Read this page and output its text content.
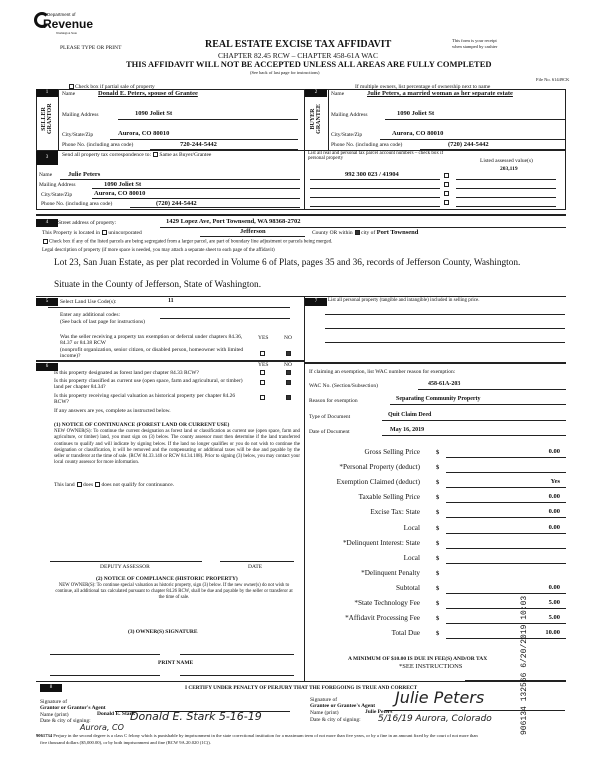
Department of
Revenue
Washington State
PLEASE TYPE OR PRINT	REAL ESTATE EXCISE TAX AFFIDAVIT
CHAPTER 82.45 RCW – CHAPTER 458-61A WAC
THIS AFFIDAVIT WILL NOT BE ACCEPTED UNLESS ALL AREAS ARE FULLY COMPLETED
(See back of last page for instructions)
This form is your receipt
when stamped by cashier
File No. 61449CK
Check box if partial sale of property	If multiple owners, list percentage of ownership next to name
1	2
SELLER GRANTOR	BUYER GRANTEE
Name	Donald E. Peters, spouse of Grantee
Mailing Address	1090 Joliet St
City/State/Zip	Aurora, CO 80010
Phone No. (including area code)	720-244-5442
Name	Julie Peters, a married woman as her separate estate
Mailing Address	1090 Joliet St
City/State/Zip	Aurora, CO 80010
Phone No. (including area code)	(720) 244-5442
3	Send all property tax correspondence to: Same as Buyer/Grantee
Name Julie Peters
Mailing Address	1090 Joliet St
City/State/Zip	Aurora, CO 80010
Phone No. (including area code)	(720) 244-5442
List all real and personal tax parcel account numbers – check box if personal property	Listed assessed value(s)
203,119
992 300 023 / 41904
4	Street address of property:	1429 Lopez Ave, Port Townsend, WA 98368-2702
This Property is located in unincorporated	Jefferson	County OR within city of Port Townsend
Check box if any of the listed parcels are being segregated from a larger parcel, are part of boundary line adjustment or parcels being merged.
Legal description of property (if more space is needed, you may attach a separate sheet to each page of the affidavit)
Lot 23, San Juan Estate, as per plat recorded in Volume 6 of Plats, pages 35 and 36, records of Jefferson County, Washington.
Situate in the County of Jefferson, State of Washington.
5	Select Land Use Code(s):	11
Enter any additional codes:
(See back of last page for instructions)
Was the seller receiving a property tax exemption or deferral under chapters 84.36, 84.37 or 84.38 RCW
(nonprofit organization, senior citizen, or disabled person, homeowner with limited income)?
YES	NO
6	YES	NO
Is this property designated as forest land per chapter 84.33 RCW?
Is this property classified as current use (open space, farm and agricultural, or timber) land per chapter 84.34?
Is this property receiving special valuation as historical property per chapter 84.26 RCW?
If any answers are yes, complete as instructed below.
(1) NOTICE OF CONTINUANCE (FOREST LAND OR CURRENT USE)
NEW OWNER(S): To continue the current designation as forest land or classification as current use (open space, farm and agriculture, or timber) land, you must sign on (3) below. The county assessor must then determine if the land transferred continues to qualify and will indicate by signing below. If the land no longer qualifies or you do not wish to continue the designation or classification, it will be removed and the compensating or additional taxes will be due and payable by the seller or transferor at the time of sale. (RCW 84.33.140 or RCW 84.34.108). Prior to signing (3) below, you may contact your local county assessor for more information.
This land does does not qualify for continuance.
DEPUTY ASSESSOR	DATE
(2) NOTICE OF COMPLIANCE (HISTORIC PROPERTY)
NEW OWNER(S): To continue special valuation as historic property, sign (3) below. If the new owner(s) do not wish to continue, all additional tax calculated pursuant to chapter 84.26 RCW, shall be due and payable by the seller or transferor at the time of sale.
(3) OWNER(S) SIGNATURE
PRINT NAME
7	List all personal property (tangible and intangible) included in selling price.
If claiming an exemption, list WAC number reason for exemption:
WAC No. (Section/Subsection)	458-61A-203
Reason for exemption	Separating Community Property
Type of Document	Quit Claim Deed
Date of Document	May 16, 2019
Gross Selling Price $	0.00
*Personal Property (deduct) $
Exemption Claimed (deduct) $	Yes
Taxable Selling Price $	0.00
Excise Tax: State $	0.00
Local $	0.00
*Delinquent Interest: State $
Local $
*Delinquent Penalty $
Subtotal $	0.00
*State Technology Fee $	5.00
*Affidavit Processing Fee $	5.00
Total Due $	10.00
A MINIMUM OF $10.00 IS DUE IN FEE(S) AND/OR TAX
*SEE INSTRUCTIONS
8	I CERTIFY UNDER PENALTY OF PERJURY THAT THE FOREGOING IS TRUE AND CORRECT
Signature of
Grantor or Grantor's Agent
Name (print)	Donald E. Stark
Date & city of signing:	Donald E. Stark 5-16-19
Aurora, CO
Signature of
Grantee or Grantee's Agent
Name (print)	Julie Peters
Date & city of signing:
Julie Peters
5/16/19 Aurora, Colorado
9061734 Perjury in the second degree is a class C felony which is punishable by imprisonment in the state correctional institution for a maximum term of not more than five years, or by a fine in an amount fixed by the court of not more than
five thousand dollars ($5,000.00), or by both imprisonment and fine (RCW 9A.20.020 (1C)).
906134 132566 6/20/2019 10:03
